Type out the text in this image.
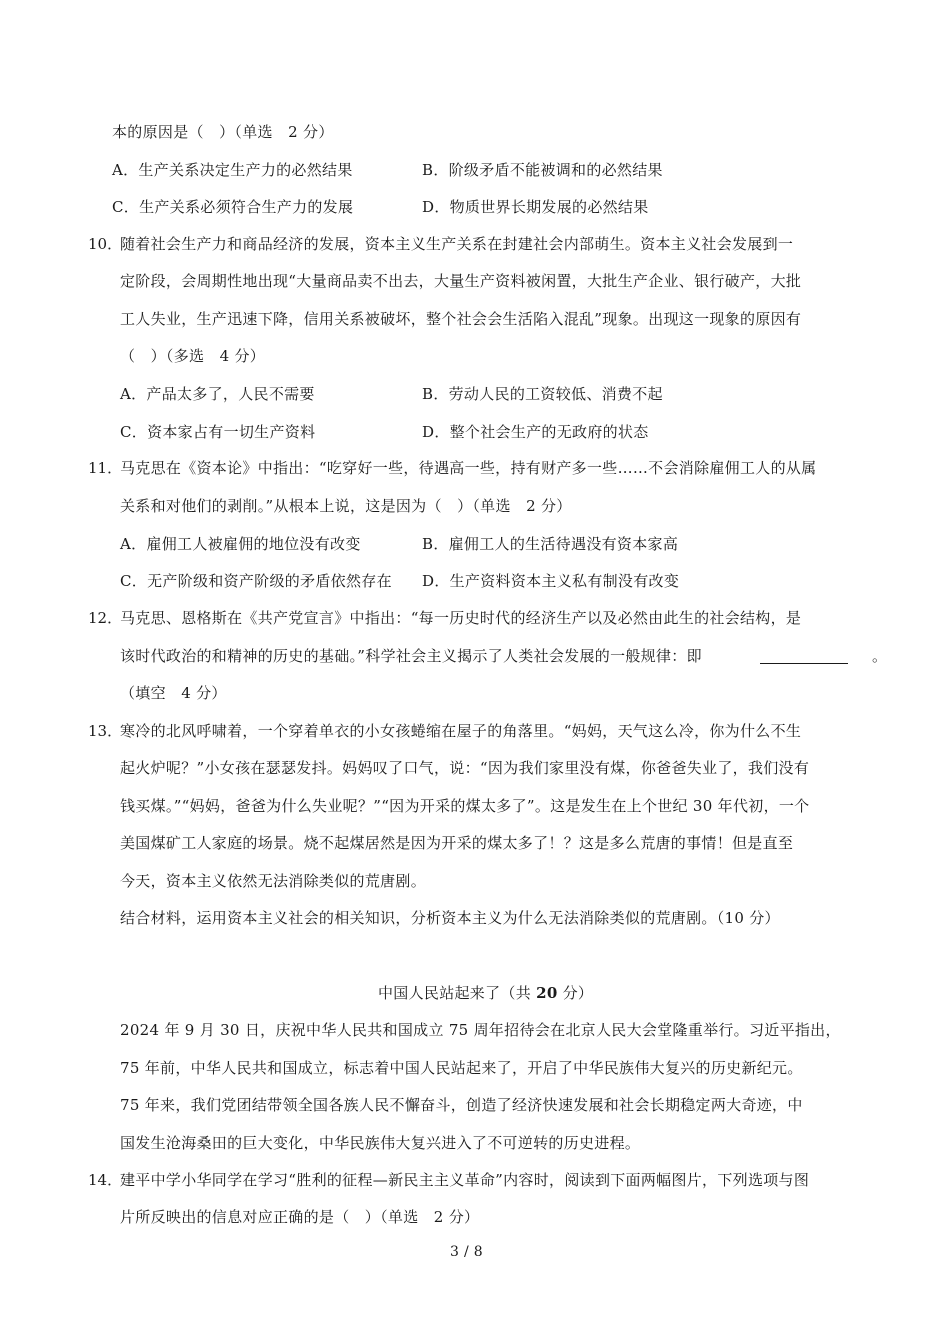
本的原因是（　）（单选　2 分）
A．生产关系决定生产力的必然结果	B．阶级矛盾不能被调和的必然结果
C．生产关系必须符合生产力的发展	D．物质世界长期发展的必然结果
10．
随着社会生产力和商品经济的发展，资本主义生产关系在封建社会内部萌生。资本主义社会发展到一
定阶段，会周期性地出现“大量商品卖不出去，大量生产资料被闲置，大批生产企业、银行破产，大批
工人失业，生产迅速下降，信用关系被破坏，整个社会会生活陷入混乱”现象。出现这一现象的原因有
（　）（多选　4 分）
A．产品太多了，人民不需要	B．劳动人民的工资较低、消费不起
C．资本家占有一切生产资料	D．整个社会生产的无政府的状态
11．
马克思在《资本论》中指出：“吃穿好一些，待遇高一些，持有财产多一些……不会消除雇佣工人的从属
关系和对他们的剥削。”从根本上说，这是因为（　）（单选　2 分）
A．雇佣工人被雇佣的地位没有改变	B．雇佣工人的生活待遇没有资本家高
C．无产阶级和资产阶级的矛盾依然存在 D．生产资料资本主义私有制没有改变
12．
马克思、恩格斯在《共产党宣言》中指出：“每一历史时代的经济生产以及必然由此生的社会结构，是
该时代政治的和精神的历史的基础。”科学社会主义揭示了人类社会发展的一般规律：即	。
（填空　4 分）
13．
寒冷的北风呼啸着，一个穿着单衣的小女孩蜷缩在屋子的角落里。“妈妈，天气这么冷，你为什么不生
起火炉呢？”小女孩在瑟瑟发抖。妈妈叹了口气，说：“因为我们家里没有煤，你爸爸失业了，我们没有
钱买煤。”“妈妈，爸爸为什么失业呢？”“因为开采的煤太多了”。这是发生在上个世纪 30 年代初，一个
美国煤矿工人家庭的场景。烧不起煤居然是因为开采的煤太多了！？这是多么荒唐的事情！但是直至
今天，资本主义依然无法消除类似的荒唐剧。
结合材料，运用资本主义社会的相关知识，分析资本主义为什么无法消除类似的荒唐剧。（10 分）
中国人民站起来了（共 20 分）
2024 年 9 月 30 日，庆祝中华人民共和国成立 75 周年招待会在北京人民大会堂隆重举行。习近平指出，
75 年前，中华人民共和国成立，标志着中国人民站起来了，开启了中华民族伟大复兴的历史新纪元。
75 年来，我们党团结带领全国各族人民不懈奋斗，创造了经济快速发展和社会长期稳定两大奇迹，中
国发生沧海桑田的巨大变化，中华民族伟大复兴进入了不可逆转的历史进程。
14．
建平中学小华同学在学习“胜利的征程—新民主主义革命”内容时，阅读到下面两幅图片，下列选项与图
片所反映出的信息对应正确的是（　）（单选　2 分）
3 / 8
